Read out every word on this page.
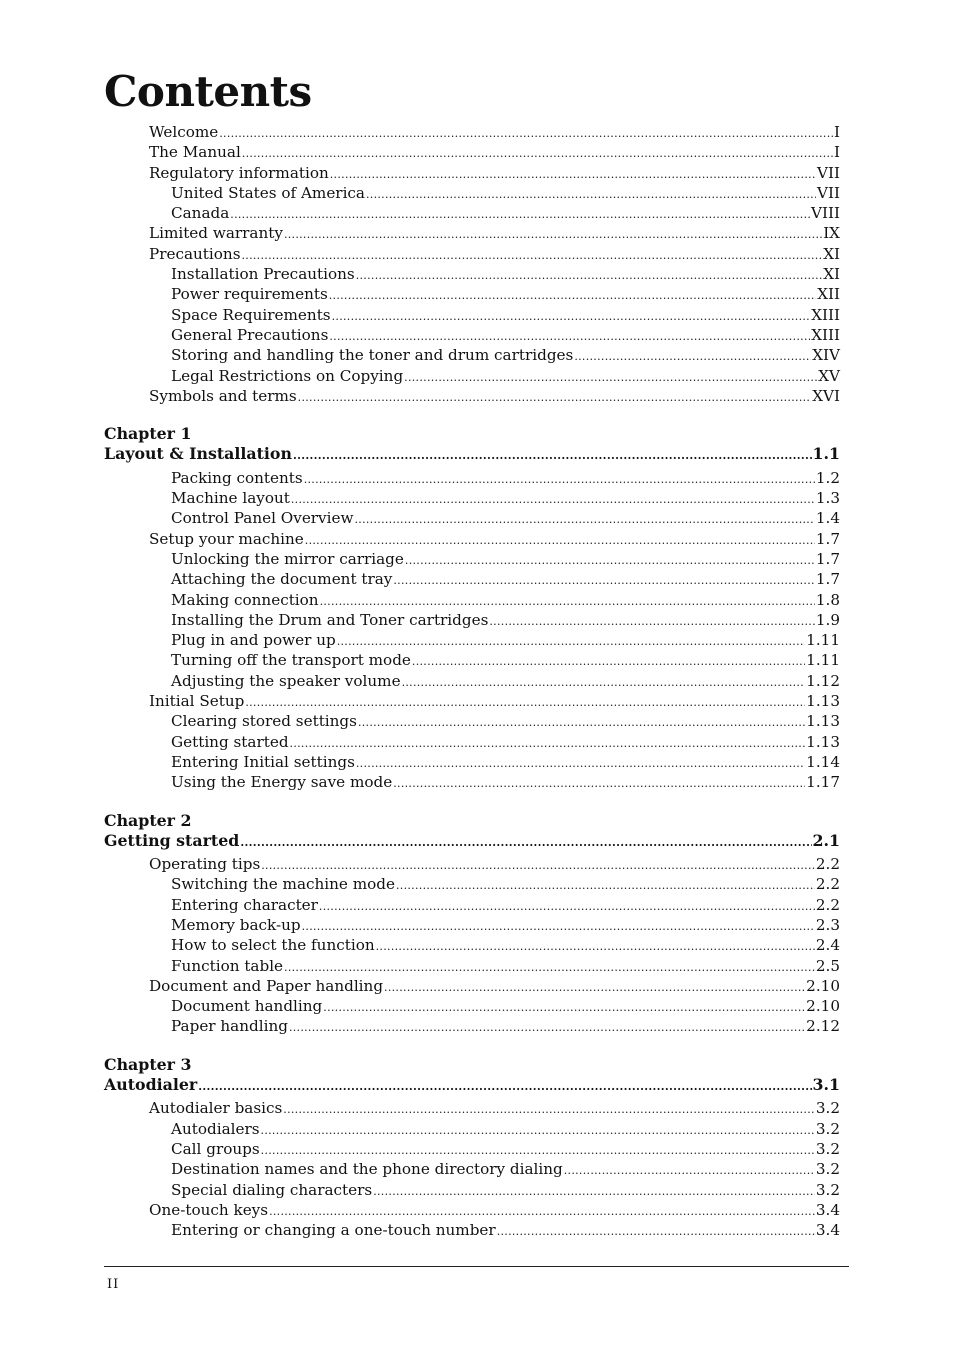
Contents
Welcome .....	I
The Manual .....	I
Regulatory information .....	VII
United States of America .....	VII
Canada .....	VIII
Limited warranty .....	IX
Precautions .....	XI
Installation Precautions .....	XI
Power requirements .....	XII
Space Requirements .....	XIII
General Precautions .....	XIII
Storing and handling the toner and drum cartridges .....	XIV
Legal Restrictions on Copying .....	XV
Symbols and terms .....	XVI
Chapter 1
Layout & Installation .....	1.1
Packing contents .....	1.2
Machine layout .....	1.3
Control Panel Overview .....	1.4
Setup your machine .....	1.7
Unlocking the mirror carriage .....	1.7
Attaching the document tray .....	1.7
Making connection .....	1.8
Installing the Drum and Toner cartridges .....	1.9
Plug in and power up .....	1.11
Turning off the transport mode .....	1.11
Adjusting the speaker volume .....	1.12
Initial Setup .....	1.13
Clearing stored settings .....	1.13
Getting started .....	1.13
Entering Initial settings .....	1.14
Using the Energy save mode .....	1.17
Chapter 2
Getting started .....	2.1
Operating tips .....	2.2
Switching the machine mode .....	2.2
Entering character .....	2.2
Memory back-up .....	2.3
How to select the function .....	2.4
Function table .....	2.5
Document and Paper handling .....	2.10
Document handling .....	2.10
Paper handling .....	2.12
Chapter 3
Autodialer .....	3.1
Autodialer basics .....	3.2
Autodialers .....	3.2
Call groups .....	3.2
Destination names and the phone directory dialing .....	3.2
Special dialing characters .....	3.2
One-touch keys .....	3.4
Entering or changing a one-touch number .....	3.4
II
